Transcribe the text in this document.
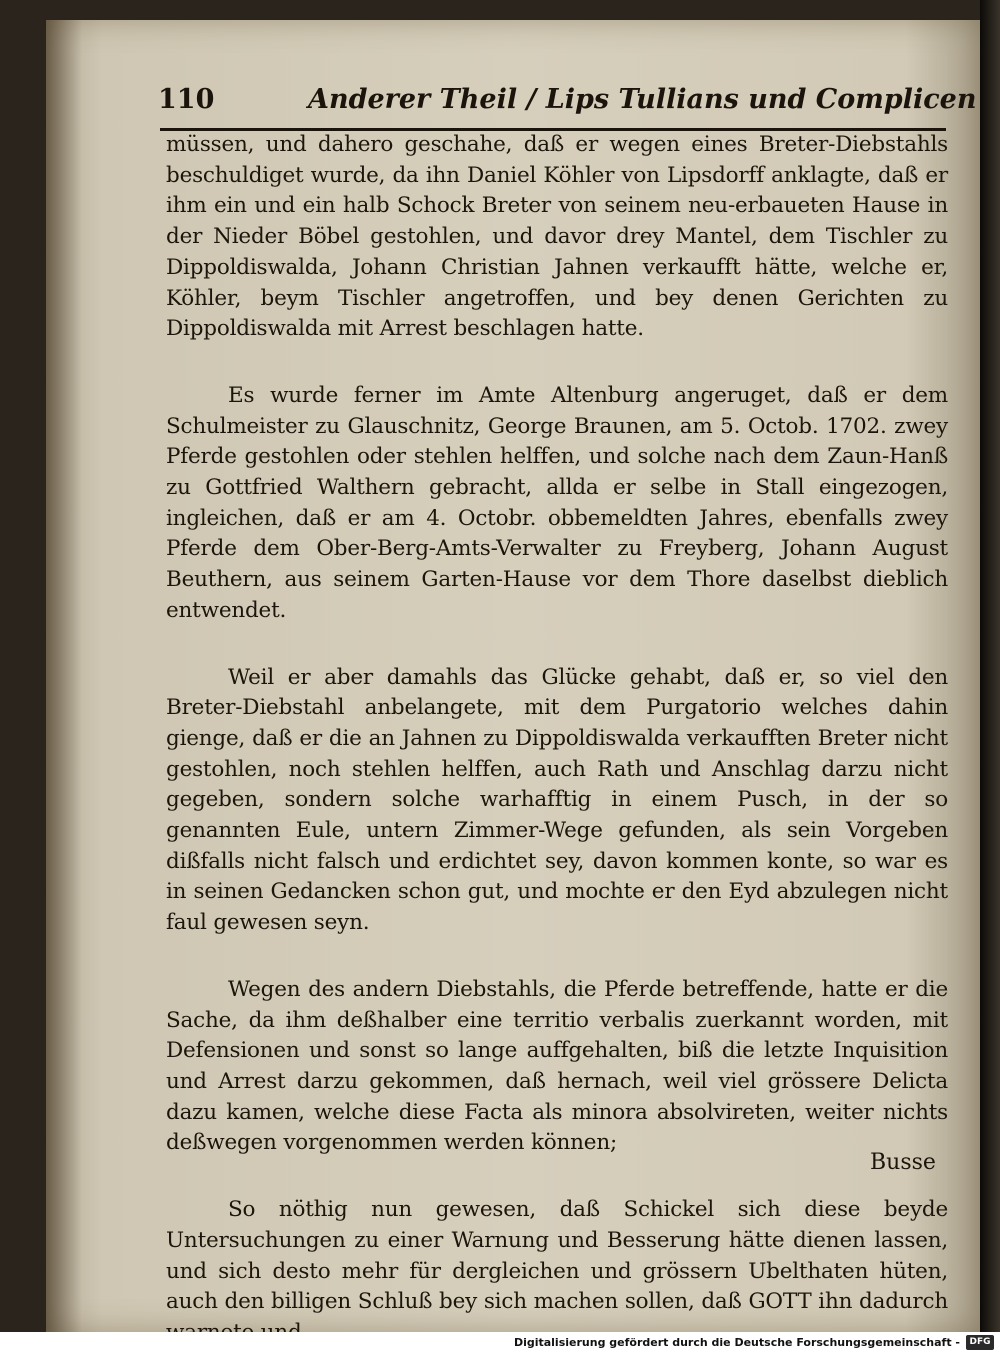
110	Anderer Theil / Lips Tullians und Complicen

müssen, und dahero geschahe, daß er wegen eines Breter-Diebstahls beschuldiget wurde, da ihn Daniel Köhler von Lipsdorff anklagte, daß er ihm ein und ein halb Schock Breter von seinem neu-erbaueten Hause in der Nieder Böbel gestohlen, und davor drey Mantel, dem Tischler zu Dippoldiswalda, Johann Christian Jahnen verkaufft hätte, welche er, Köhler, beym Tischler angetroffen, und bey denen Gerichten zu Dippoldiswalda mit Arrest beschlagen hatte.

Es wurde ferner im Amte Altenburg angeruget, daß er dem Schulmeister zu Glauschnitz, George Braunen, am 5. Octob. 1702. zwey Pferde gestohlen oder stehlen helffen, und solche nach dem Zaun-Hanß zu Gottfried Walthern gebracht, allda er selbe in Stall eingezogen, ingleichen, daß er am 4. Octobr. obbemeldten Jahres, ebenfalls zwey Pferde dem Ober-Berg-Amts-Verwalter zu Freyberg, Johann August Beuthern, aus seinem Garten-Hause vor dem Thore daselbst dieblich entwendet.

Weil er aber damahls das Glücke gehabt, daß er, so viel den Breter-Diebstahl anbelangete, mit dem Purgatorio welches dahin gienge, daß er die an Jahnen zu Dippoldiswalda verkaufften Breter nicht gestohlen, noch stehlen helffen, auch Rath und Anschlag darzu nicht gegeben, sondern solche warhafftig in einem Pusch, in der so genannten Eule, untern Zimmer-Wege gefunden, als sein Vorgeben dißfalls nicht falsch und erdichtet sey, davon kommen konte, so war es in seinen Gedancken schon gut, und mochte er den Eyd abzulegen nicht faul gewesen seyn.

Wegen des andern Diebstahls, die Pferde betreffende, hatte er die Sache, da ihm deßhalber eine territio verbalis zuerkannt worden, mit Defensionen und sonst so lange auffgehalten, biß die letzte Inquisition und Arrest darzu gekommen, daß hernach, weil viel grössere Delicta dazu kamen, welche diese Facta als minora absolvireten, weiter nichts deßwegen vorgenommen werden können;

So nöthig nun gewesen, daß Schickel sich diese beyde Untersuchungen zu einer Warnung und Besserung hätte dienen lassen, und sich desto mehr für dergleichen und grössern Ubelthaten hüten, auch den billigen Schluß bey sich machen sollen, daß GOTT ihn dadurch

Busse
Digitalisierung gefördert durch die Deutsche Forschungsgemeinschaft -	DFG
